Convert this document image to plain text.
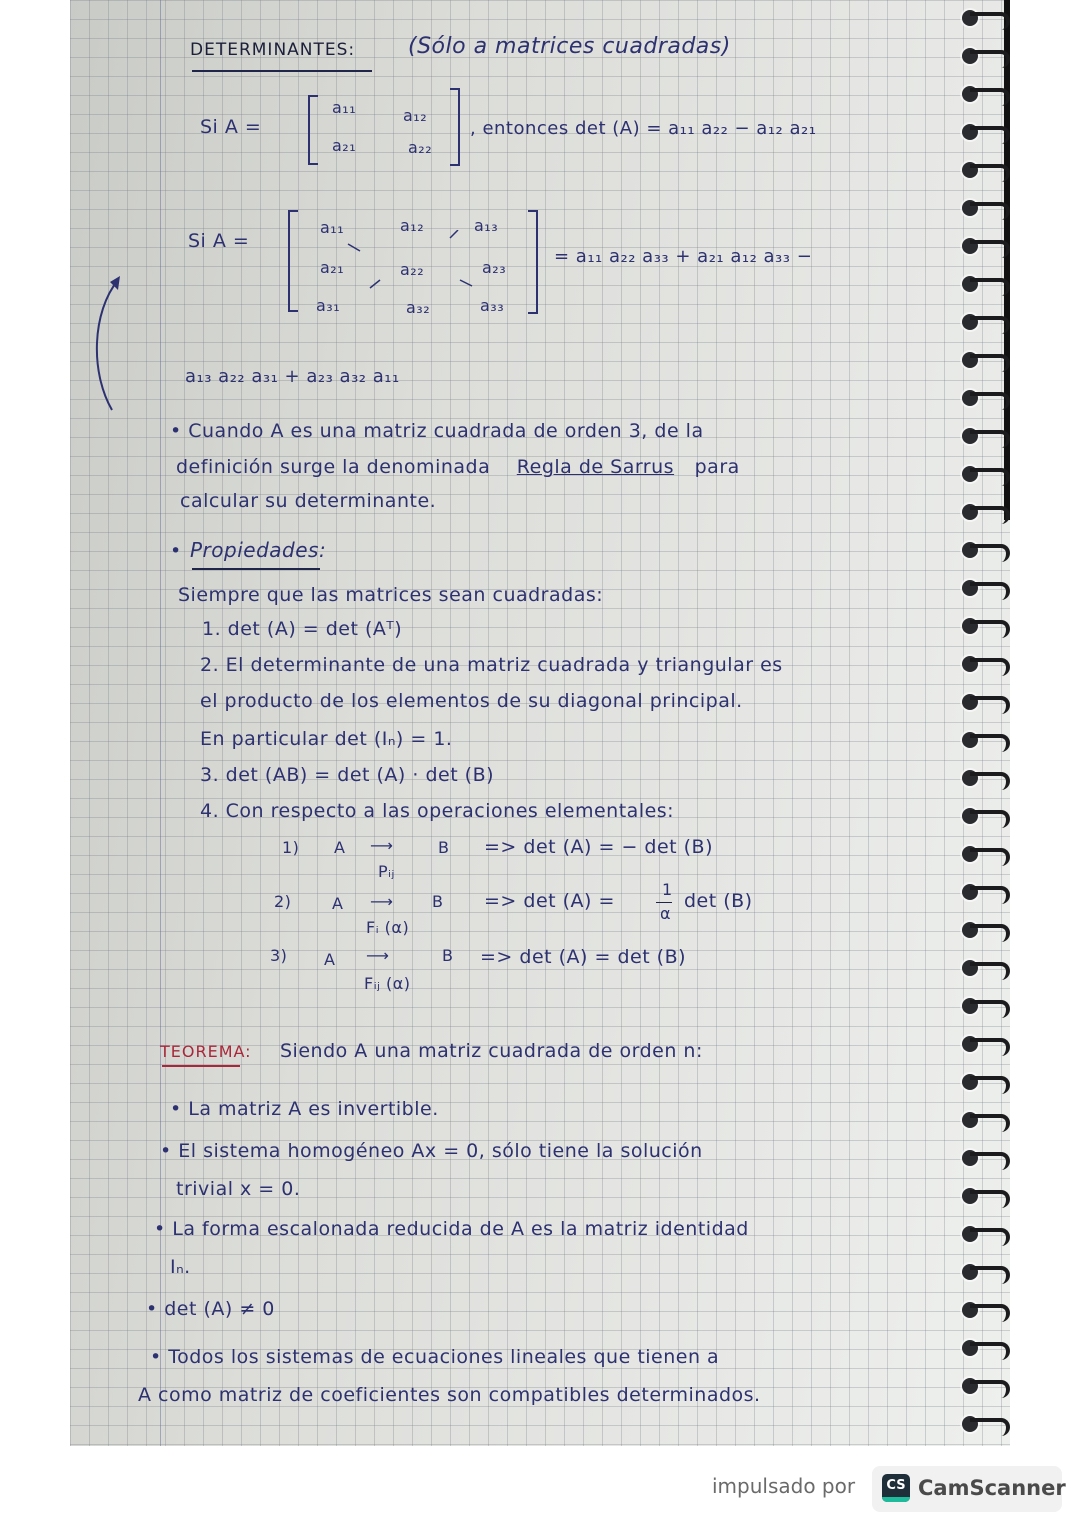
DETERMINANTES: (Sólo a matrices cuadradas)
Si A =
a₁₁	a₁₂
a₂₁	a₂₂
, entonces det (A) = a₁₁ a₂₂ − a₁₂ a₂₁
Si A =
a₁₁	a₁₂	a₁₃
a₂₁	a₂₂	a₂₃
a₃₁	a₃₂	a₃₃
= a₁₁ a₂₂ a₃₃ + a₂₁ a₁₂ a₃₃ −
a₁₃ a₂₂ a₃₁ + a₂₃ a₃₂ a₁₁
• Cuando A es una matriz cuadrada de orden 3, de la
definición surge la denominada Regla de Sarrus para
calcular su determinante.
• Propiedades:
Siempre que las matrices sean cuadradas:
1. det (A) = det (Aᵀ)
2. El determinante de una matriz cuadrada y triangular es
el producto de los elementos de su diagonal principal.
En particular det (Iₙ) = 1.
3. det (AB) = det (A) · det (B)
4. Con respecto a las operaciones elementales:
1) A ⟶
Pᵢⱼ
B => det (A) = − det (B)
2)	A ⟶
Fᵢ (α)
B => det (A) =
1
α
det (B)
3) A ⟶
Fᵢⱼ (α)
B => det (A) = det (B)
TEOREMA: Siendo A una matriz cuadrada de orden n:
• La matriz A es invertible.
• El sistema homogéneo Ax = 0, sólo tiene la solución
trivial x = 0.
• La forma escalonada reducida de A es la matriz identidad
Iₙ.
• det (A) ≠ 0
• Todos los sistemas de ecuaciones lineales que tienen a
A como matriz de coeficientes son compatibles determinados.
impulsado por	CS CamScanner
